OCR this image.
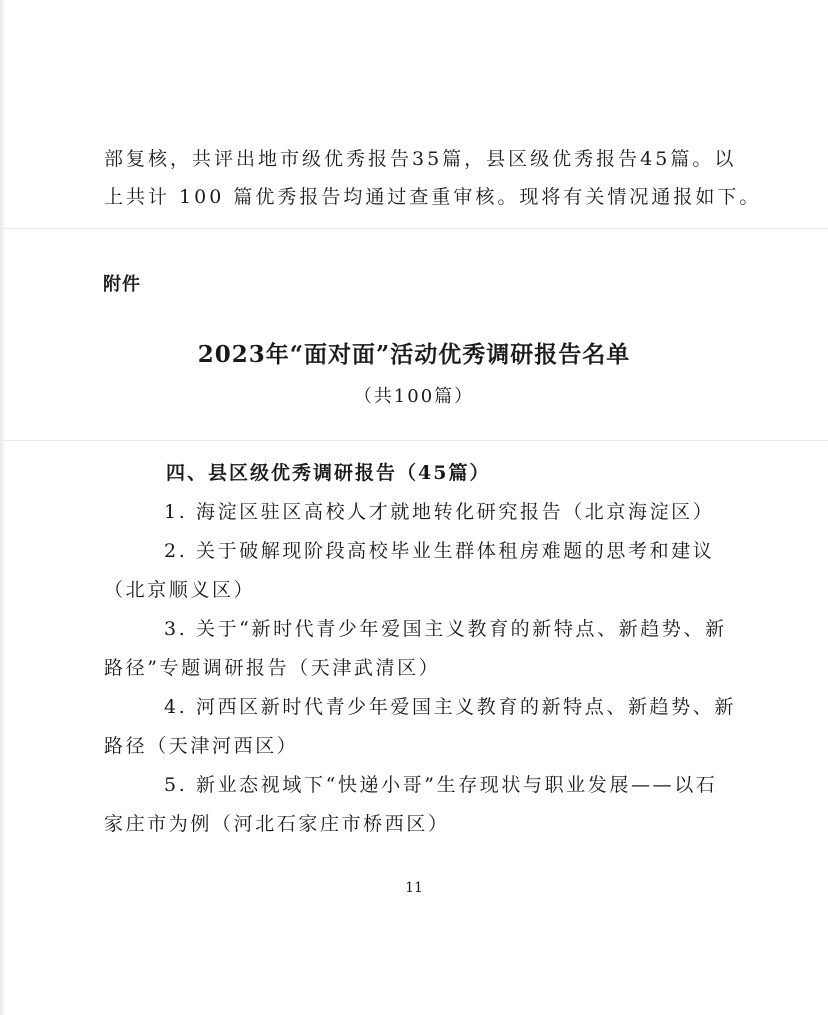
部复核，共评出地市级优秀报告35篇，县区级优秀报告45篇。以

上共计 100 篇优秀报告均通过查重审核。现将有关情况通报如下。

附件
2023年“面对面”活动优秀调研报告名单
（共100篇）
四、县区级优秀调研报告（45篇）
1. 海淀区驻区高校人才就地转化研究报告（北京海淀区）
2. 关于破解现阶段高校毕业生群体租房难题的思考和建议
（北京顺义区）
3. 关于“新时代青少年爱国主义教育的新特点、新趋势、新
路径”专题调研报告（天津武清区）
4. 河西区新时代青少年爱国主义教育的新特点、新趋势、新
路径（天津河西区）
5. 新业态视域下“快递小哥”生存现状与职业发展——以石
家庄市为例（河北石家庄市桥西区）
11
